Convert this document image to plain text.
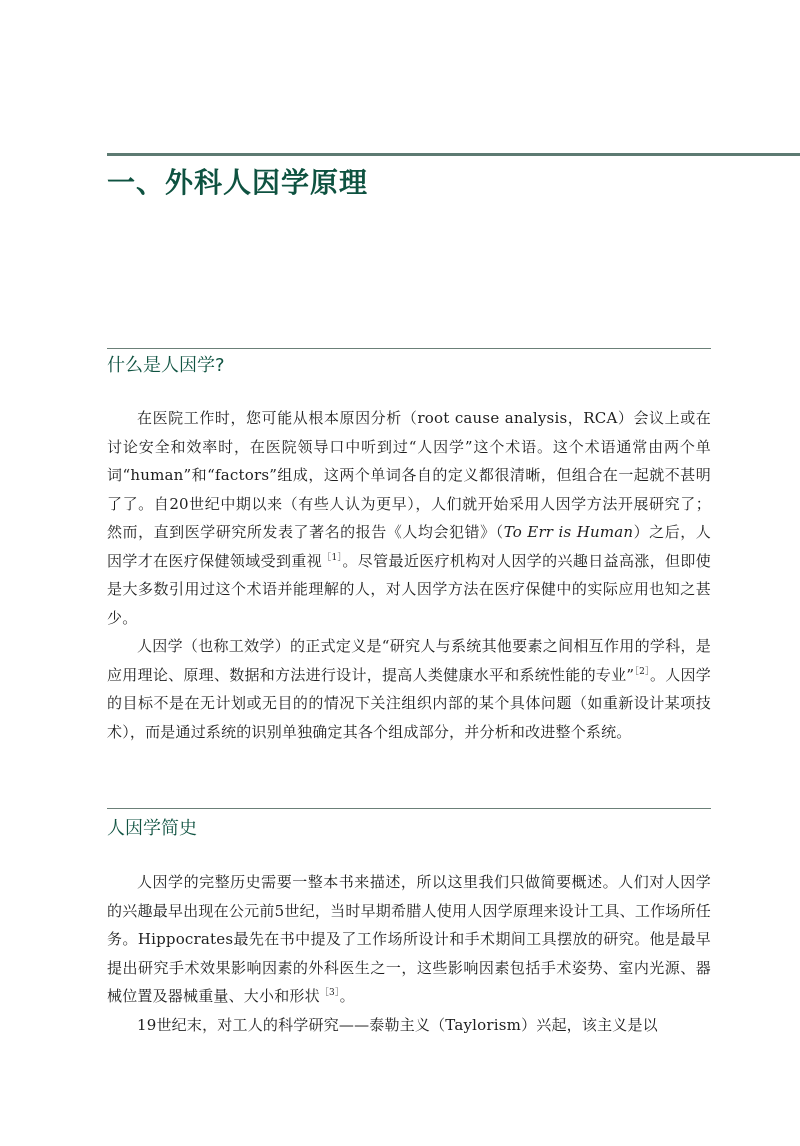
一、外科人因学原理
什么是人因学?

在医院工作时，您可能从根本原因分析（root cause analysis，RCA）会议上或在讨论安全和效率时，在医院领导口中听到过“人因学”这个术语。这个术语通常由两个单词“human”和“factors”组成，这两个单词各自的定义都很清晰，但组合在一起就不甚明了了。自20世纪中期以来（有些人认为更早），人们就开始采用人因学方法开展研究了；然而，直到医学研究所发表了著名的报告《人均会犯错》（To Err is Human）之后，人因学才在医疗保健领域受到重视$^{[1]}$。尽管最近医疗机构对人因学的兴趣日益高涨，但即使是大多数引用过这个术语并能理解的人，对人因学方法在医疗保健中的实际应用也知之甚少。

人因学（也称工效学）的正式定义是“研究人与系统其他要素之间相互作用的学科，是应用理论、原理、数据和方法进行设计，提高人类健康水平和系统性能的专业”$^{[2]}$。人因学的目标不是在无计划或无目的的情况下关注组织内部的某个具体问题（如重新设计某项技术），而是通过系统的识别单独确定其各个组成部分，并分析和改进整个系统。

人因学简史

人因学的完整历史需要一整本书来描述，所以这里我们只做简要概述。人们对人因学的兴趣最早出现在公元前5世纪，当时早期希腊人使用人因学原理来设计工具、工作场所任务。Hippocrates最先在书中提及了工作场所设计和手术期间工具摆放的研究。他是最早提出研究手术效果影响因素的外科医生之一，这些影响因素包括手术姿势、室内光源、器械位置及器械重量、大小和形状$^{[3]}$。

19世纪末，对工人的科学研究——泰勒主义（Taylorism）兴起，该主义是以
